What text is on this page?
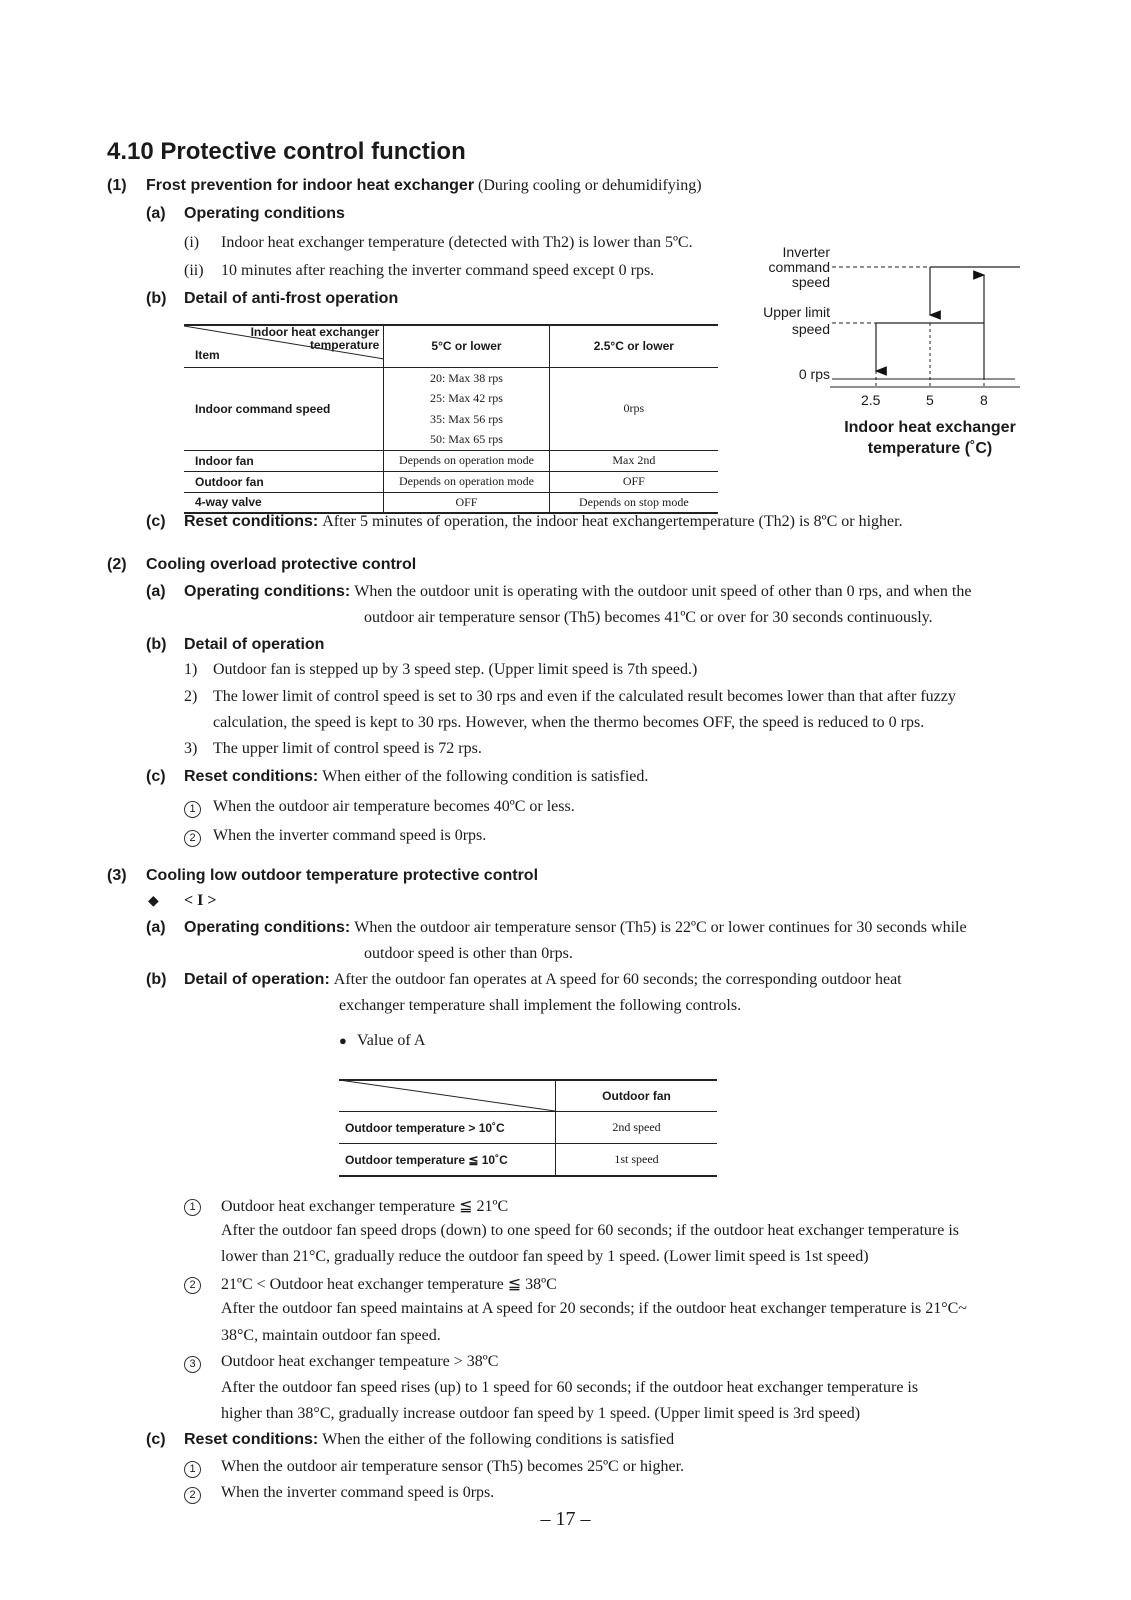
4.10 Protective control function
(1) Frost prevention for indoor heat exchanger (During cooling or dehumidifying)
(a) Operating conditions
(i) Indoor heat exchanger temperature (detected with Th2) is lower than 5ºC.
(ii) 10 minutes after reaching the inverter command speed except 0 rps.
(b) Detail of anti-frost operation
Indoor heat exchanger
temperature
Item	5°C or lower	2.5°C or lower
Indoor command speed	20: Max 38 rps
25: Max 42 rps
35: Max 56 rps
50: Max 65 rps	0rps
Indoor fan	Depends on operation mode	Max 2nd
Outdoor fan	Depends on operation mode	OFF
4-way valve	OFF	Depends on stop mode
Inverter
command
speed
Upper limit
speed
0 rps
2.5	5	8
Indoor heat exchanger
temperature (˚C)
(c) Reset conditions: After 5 minutes of operation, the indoor heat exchangertemperature (Th2) is 8ºC or higher.
(2) Cooling overload protective control
(a) Operating conditions: When the outdoor unit is operating with the outdoor unit speed of other than 0 rps, and when the
outdoor air temperature sensor (Th5) becomes 41ºC or over for 30 seconds continuously.
(b) Detail of operation
1) Outdoor fan is stepped up by 3 speed step. (Upper limit speed is 7th speed.)
2) The lower limit of control speed is set to 30 rps and even if the calculated result becomes lower than that after fuzzy
calculation, the speed is kept to 30 rps. However, when the thermo becomes OFF, the speed is reduced to 0 rps.
3) The upper limit of control speed is 72 rps.
(c) Reset conditions: When either of the following condition is satisfied.
1	When the outdoor air temperature becomes 40ºC or less.
2	When the inverter command speed is 0rps.
(3) Cooling low outdoor temperature protective control
◆ < I >
(a) Operating conditions: When the outdoor air temperature sensor (Th5) is 22ºC or lower continues for 30 seconds while
outdoor speed is other than 0rps.
(b) Detail of operation: After the outdoor fan operates at A speed for 60 seconds; the corresponding outdoor heat
exchanger temperature shall implement the following controls.
● Value of A
	Outdoor fan
Outdoor temperature > 10˚C	2nd speed
Outdoor temperature ≦ 10˚C	1st speed
1	Outdoor heat exchanger temperature ≦ 21ºC
After the outdoor fan speed drops (down) to one speed for 60 seconds; if the outdoor heat exchanger temperature is
lower than 21°C, gradually reduce the outdoor fan speed by 1 speed. (Lower limit speed is 1st speed)
2	21ºC < Outdoor heat exchanger temperature ≦ 38ºC
After the outdoor fan speed maintains at A speed for 20 seconds; if the outdoor heat exchanger temperature is 21°C~
38°C, maintain outdoor fan speed.
3	Outdoor heat exchanger tempeature > 38ºC
After the outdoor fan speed rises (up) to 1 speed for 60 seconds; if the outdoor heat exchanger temperature is
higher than 38°C, gradually increase outdoor fan speed by 1 speed. (Upper limit speed is 3rd speed)
(c) Reset conditions: When the either of the following conditions is satisfied
1	When the outdoor air temperature sensor (Th5) becomes 25ºC or higher.
2	When the inverter command speed is 0rps.
– 17 –
